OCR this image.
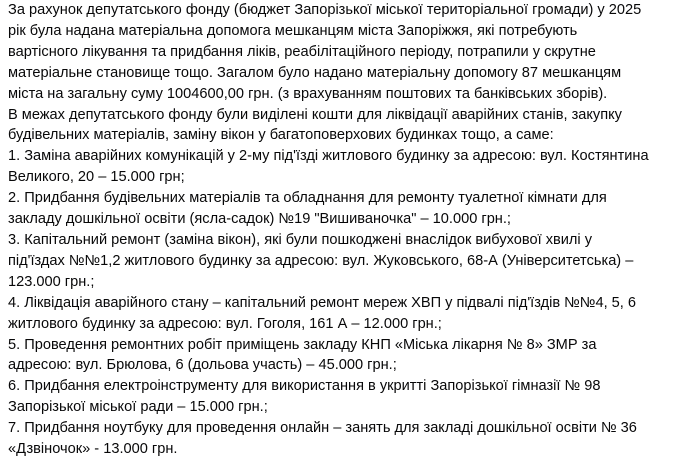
За рахунок депутатського фонду (бюджет Запорізької міської територіальної громади) у 2025
рік була надана матеріальна допомога мешканцям міста Запоріжжя, які потребують
вартісного лікування та придбання ліків, реабілітаційного періоду, потрапили у скрутне
матеріальне становище тощо. Загалом було надано матеріальну допомогу 87 мешканцям
міста на загальну суму 1004600,00 грн. (з врахуванням поштових та банківських зборів).

В межах депутатського фонду були виділені кошти для ліквідації аварійних станів, закупку
будівельних матеріалів, заміну вікон у багатоповерхових будинках тощо, а саме:

1. Заміна аварійних комунікацій у 2-му під'їзді житлового будинку за адресою: вул. Костянтина
Великого, 20 – 15.000 грн;

2. Придбання будівельних матеріалів та обладнання для ремонту туалетної кімнати для
закладу дошкільної освіти (ясла-садок) №19 "Вишиваночка" – 10.000 грн.;

3. Капітальний ремонт (заміна вікон), які були пошкоджені внаслідок вибухової хвилі у
під'їздах №№1,2 житлового будинку за адресою: вул. Жуковського, 68-А (Університетська) –
123.000 грн.;

4. Ліквідація аварійного стану – капітальний ремонт мереж ХВП у підвалі під'їздів №№4, 5, 6
житлового будинку за адресою: вул. Гоголя, 161 А – 12.000 грн.;

5. Проведення ремонтних робіт приміщень закладу КНП «Міська лікарня № 8» ЗМР за
адресою: вул. Брюлова, 6 (дольова участь) – 45.000 грн.;

6. Придбання електроінструменту для використання в укритті Запорізької гімназії № 98
Запорізької міської ради – 15.000 грн.;

7. Придбання ноутбуку для проведення онлайн – занять для закладі дошкільної освіти № 36
«Дзвіночок» - 13.000 грн.
